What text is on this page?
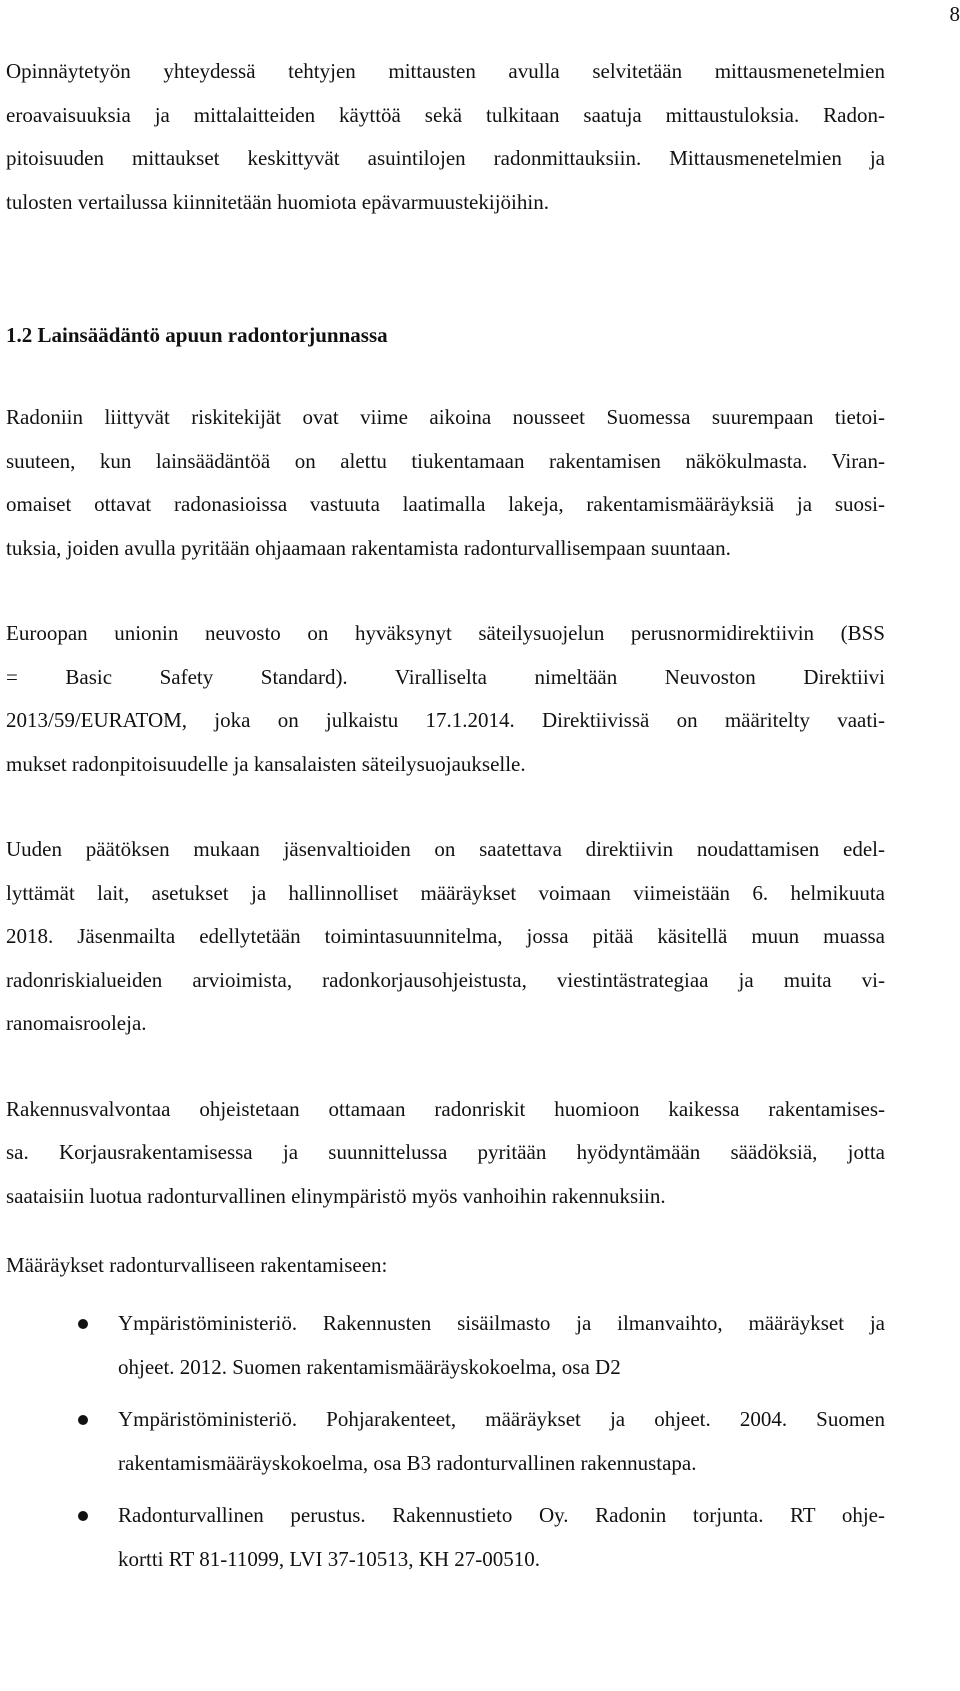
8
Opinnäytetyön yhteydessä tehtyjen mittausten avulla selvitetään mittausmenetelmien
eroavaisuuksia ja mittalaitteiden käyttöä sekä tulkitaan saatuja mittaustuloksia. Radon-
pitoisuuden mittaukset keskittyvät asuintilojen radonmittauksiin. Mittausmenetelmien ja
tulosten vertailussa kiinnitetään huomiota epävarmuustekijöihin.
1.2 Lainsäädäntö apuun radontorjunnassa
Radoniin liittyvät riskitekijät ovat viime aikoina nousseet Suomessa suurempaan tietoi-
suuteen, kun lainsäädäntöä on alettu tiukentamaan rakentamisen näkökulmasta. Viran-
omaiset ottavat radonasioissa vastuuta laatimalla lakeja, rakentamismääräyksiä ja suosi-
tuksia, joiden avulla pyritään ohjaamaan rakentamista radonturvallisempaan suuntaan.
Euroopan unionin neuvosto on hyväksynyt säteilysuojelun perusnormidirektiivin (BSS
= Basic Safety Standard). Viralliselta nimeltään Neuvoston Direktiivi
2013/59/EURATOM, joka on julkaistu 17.1.2014. Direktiivissä on määritelty vaati-
mukset radonpitoisuudelle ja kansalaisten säteilysuojaukselle.
Uuden päätöksen mukaan jäsenvaltioiden on saatettava direktiivin noudattamisen edel-
lyttämät lait, asetukset ja hallinnolliset määräykset voimaan viimeistään 6. helmikuuta
2018. Jäsenmailta edellytetään toimintasuunnitelma, jossa pitää käsitellä muun muassa
radonriskialueiden arvioimista, radonkorjausohjeistusta, viestintästrategiaa ja muita vi-
ranomaisrooleja.
Rakennusvalvontaa ohjeistetaan ottamaan radonriskit huomioon kaikessa rakentamises-
sa. Korjausrakentamisessa ja suunnittelussa pyritään hyödyntämään säädöksiä, jotta
saataisiin luotua radonturvallinen elinympäristö myös vanhoihin rakennuksiin.
Määräykset radonturvalliseen rakentamiseen:
Ympäristöministeriö. Rakennusten sisäilmasto ja ilmanvaihto, määräykset ja
ohjeet. 2012. Suomen rakentamismääräyskokoelma, osa D2
Ympäristöministeriö. Pohjarakenteet, määräykset ja ohjeet. 2004. Suomen
rakentamismääräyskokoelma, osa B3 radonturvallinen rakennustapa.
Radonturvallinen perustus. Rakennustieto Oy. Radonin torjunta. RT ohje-
kortti RT 81-11099, LVI 37-10513, KH 27-00510.
